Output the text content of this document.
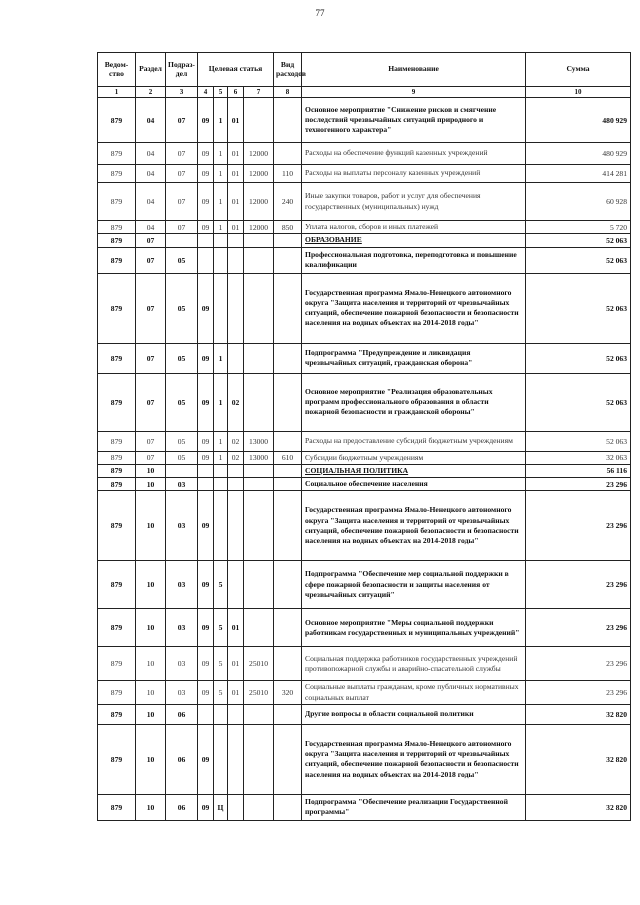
77
Ведом-ство	Раздел	Подраз-дел	Целевая статья				Вид расходов	Наименование	Сумма
1	2	3	4	5	6	7	8	9	10
879	04	07	09	1	01			Основное мероприятие "Снижение рисков и смягчение последствий чрезвычайных ситуаций природного и техногенного характера"	480 929
879	04	07	09	1	01	12000		Расходы на обеспечение функций казенных учреждений	480 929
879	04	07	09	1	01	12000	110	Расходы на выплаты персоналу казенных учреждений	414 281
879	04	07	09	1	01	12000	240	Иные закупки товаров, работ и услуг для обеспечения государственных (муниципальных) нужд	60 928
879	04	07	09	1	01	12000	850	Уплата налогов, сборов и иных платежей	5 720
879	07							ОБРАЗОВАНИЕ	52 063
879	07	05						Профессиональная подготовка, переподготовка и повышение квалификации	52 063
879	07	05	09					Государственная программа Ямало-Ненецкого автономного округа "Защита населения и территорий от чрезвычайных ситуаций, обеспечение пожарной безопасности и безопасности населения на водных объектах на 2014-2018 годы"	52 063
879	07	05	09	1				Подпрограмма "Предупреждение и ликвидация чрезвычайных ситуаций, гражданская оборона"	52 063
879	07	05	09	1	02			Основное мероприятие "Реализация образовательных программ профессионального образования в области пожарной безопасности и гражданской обороны"	52 063
879	07	05	09	1	02	13000		Расходы на предоставление субсидий бюджетным учреждениям	52 063
879	07	05	09	1	02	13000	610	Субсидии бюджетным учреждениям	32 063
879	10							СОЦИАЛЬНАЯ ПОЛИТИКА	56 116
879	10	03						Социальное обеспечение населения	23 296
879	10	03	09					Государственная программа Ямало-Ненецкого автономного округа "Защита населения и территорий от чрезвычайных ситуаций, обеспечение пожарной безопасности и безопасности населения на водных объектах на 2014-2018 годы"	23 296
879	10	03	09	5				Подпрограмма "Обеспечение мер социальной поддержки в сфере пожарной безопасности и защиты населения от чрезвычайных ситуаций"	23 296
879	10	03	09	5	01			Основное мероприятие "Меры социальной поддержки работникам государственных и муниципальных учреждений"	23 296
879	10	03	09	5	01	25010		Социальная поддержка работников государственных учреждений противопожарной службы и аварийно-спасательной службы	23 296
879	10	03	09	5	01	25010	320	Социальные выплаты гражданам, кроме публичных нормативных социальных выплат	23 296
879	10	06						Другие вопросы в области социальной политики	32 820
879	10	06	09					Государственная программа Ямало-Ненецкого автономного округа "Защита населения и территорий от чрезвычайных ситуаций, обеспечение пожарной безопасности и безопасности населения на водных объектах на 2014-2018 годы"	32 820
879	10	06	09	Ц				Подпрограмма "Обеспечение реализации Государственной программы"	32 820
